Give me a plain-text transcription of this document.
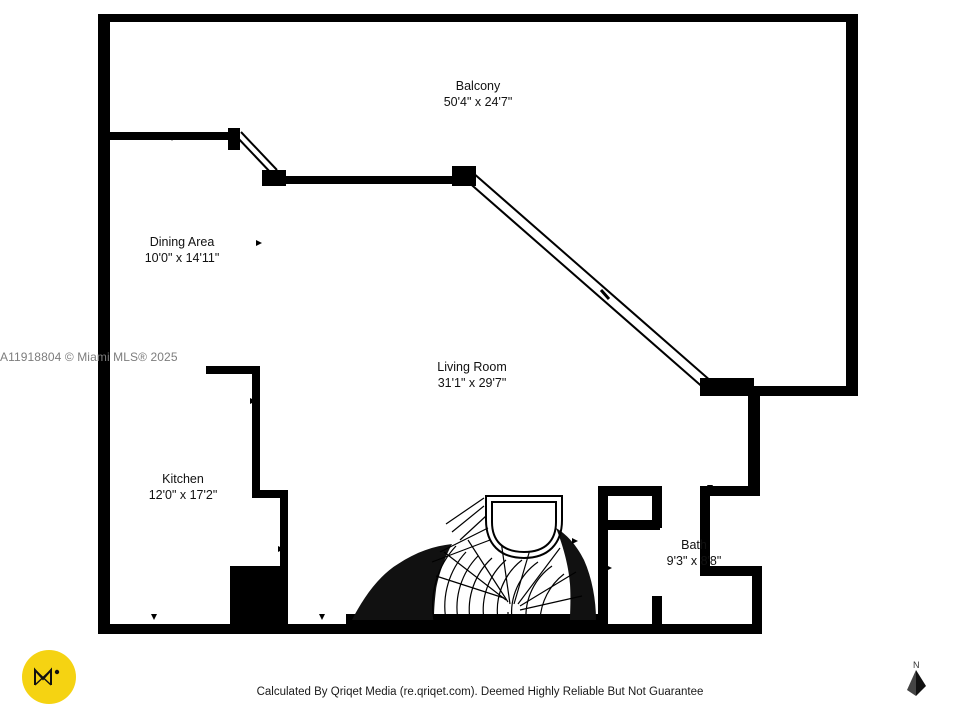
Balcony
50'4" x 24'7"
Dining Area
10'0" x 14'11"
Living Room
31'1" x 29'7"
Kitchen
12'0" x 17'2"
Bath
9'3" x 8'8"
A11918804 © Miami MLS® 2025
Calculated By Qriqet Media (re.qriqet.com). Deemed Highly Reliable But Not Guarantee
N
